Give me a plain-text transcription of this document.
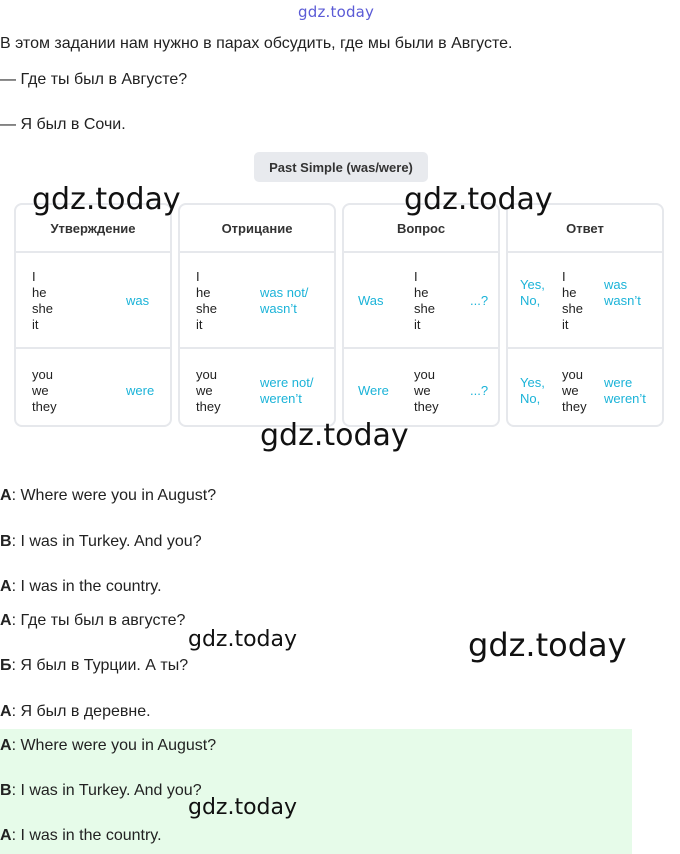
gdz.today
В этом задании нам нужно в парах обсудить, где мы были в Августе.
— Где ты был в Августе?
— Я был в Сочи.
Past Simple (was/were)
Утверждение
I
he
she
it
was
you
we
they
were
Отрицание
I
he
she
it
was not/
wasn’t
you
we
they
were not/
weren’t
Вопрос
Was
I
he
she
it
...?
Were
you
we
they
...?
Ответ
Yes,
No,
I
he
she
it
was
wasn’t
Yes,
No,
you
we
they
were
weren’t
A: Where were you in August?
B: I was in Turkey. And you?
A: I was in the country.
А: Где ты был в августе?
Б: Я был в Турции. А ты?
А: Я был в деревне.
A: Where were you in August?
B: I was in Turkey. And you?
A: I was in the country.
gdz.today	gdz.today
gdz.today
gdz.today	gdz.today
gdz.today
